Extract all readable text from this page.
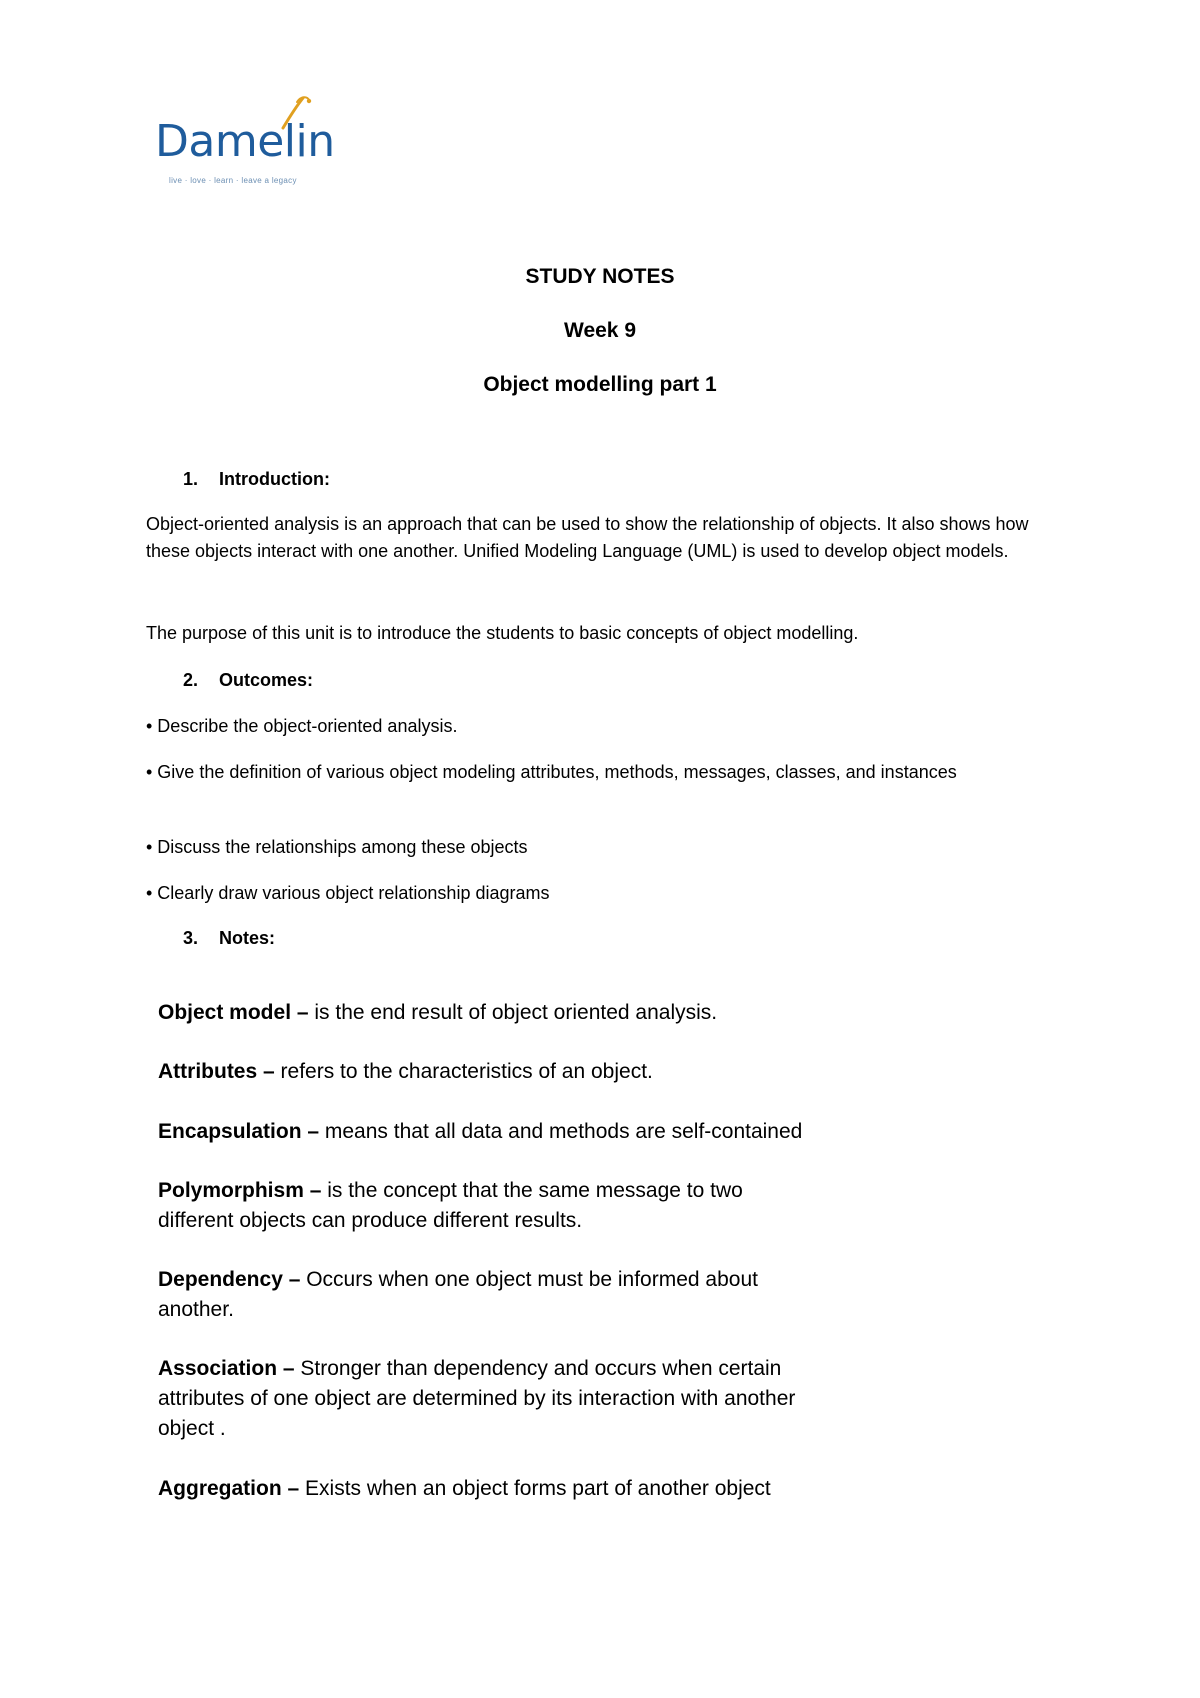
Damelin
live · love · learn · leave a legacy
STUDY NOTES
Week 9
Object modelling part 1
1. Introduction:
Object-oriented analysis is an approach that can be used to show the relationship of objects. It also shows how these objects interact with one another. Unified Modeling Language (UML) is used to develop object models.
The purpose of this unit is to introduce the students to basic concepts of object modelling.
2. Outcomes:
• Describe the object-oriented analysis.
• Give the definition of various object modeling attributes, methods, messages, classes, and instances
• Discuss the relationships among these objects
• Clearly draw various object relationship diagrams
3. Notes:
Object model – is the end result of object oriented analysis.
Attributes – refers to the characteristics of an object.
Encapsulation – means that all data and methods are self-contained
Polymorphism – is the concept that the same message to two different objects can produce different results.
Dependency – Occurs when one object must be informed about another.
Association – Stronger than dependency and occurs when certain attributes of one object are determined by its interaction with another object .
Aggregation – Exists when an object forms part of another object
